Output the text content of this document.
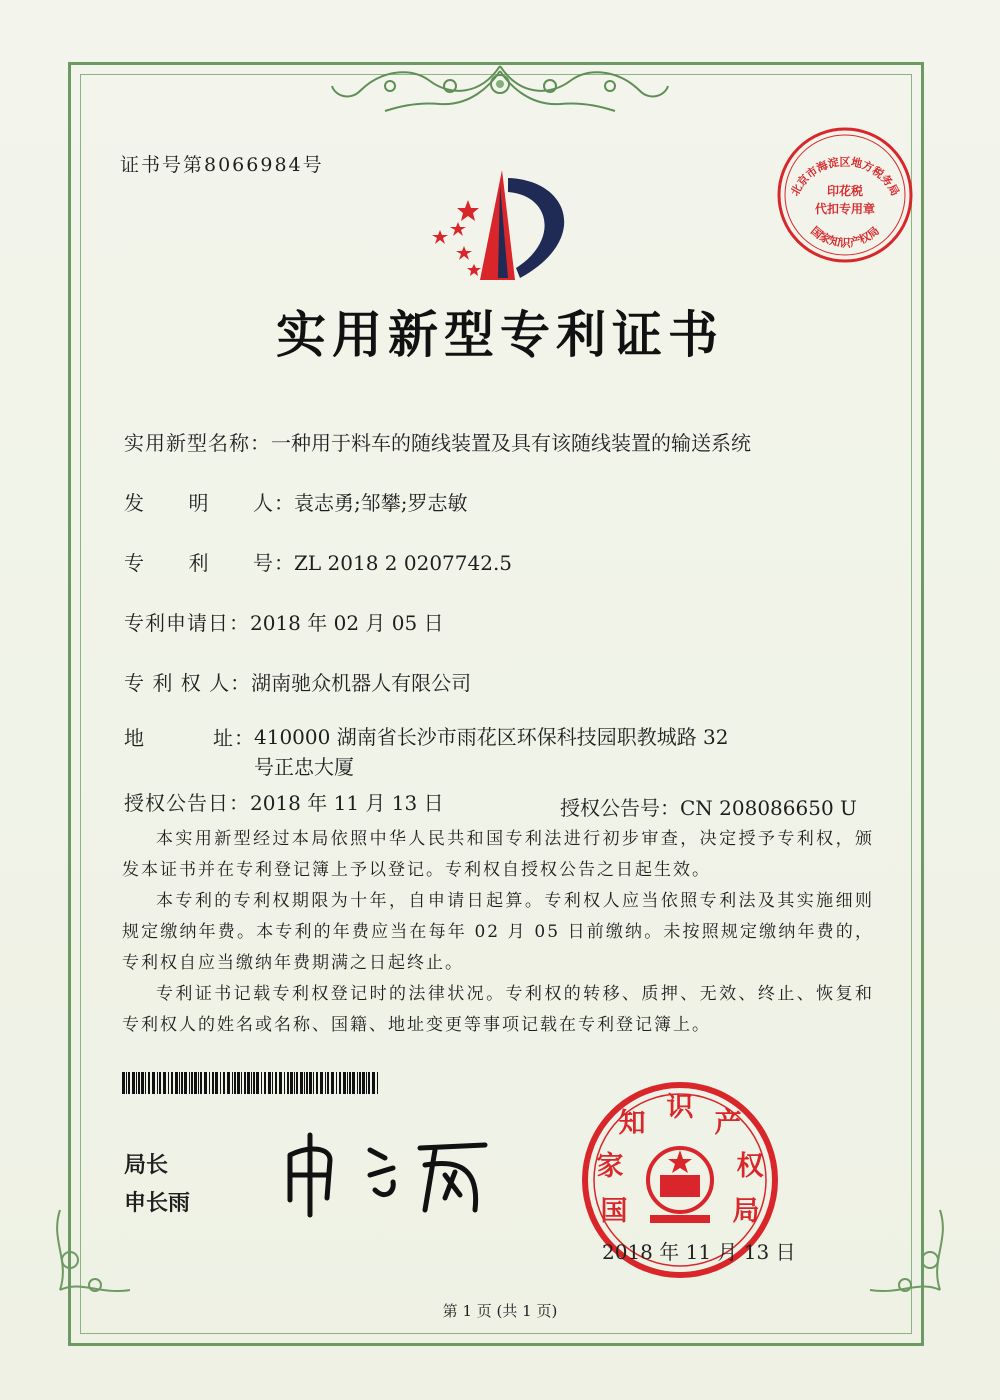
证书号第8066984号
实用新型专利证书
实用新型名称：一种用于料车的随线装置及具有该随线装置的输送系统
发 明 人 ：袁志勇;邹攀;罗志敏
专 利 号 ：ZL 2018 2 0207742.5
专利申请日：2018 年 02 月 05 日
专 利 权 人：湖南驰众机器人有限公司
地	址 ：410000 湖南省长沙市雨花区环保科技园职教城路 32 号正忠大厦
授权公告日：2018 年 11 月 13 日	授权公告号：CN 208086650 U

本实用新型经过本局依照中华人民共和国专利法进行初步审查，决定授予专利权，颁发本证书并在专利登记簿上予以登记。专利权自授权公告之日起生效。

本专利的专利权期限为十年，自申请日起算。专利权人应当依照专利法及其实施细则规定缴纳年费。本专利的年费应当在每年 02 月 05 日前缴纳。未按照规定缴纳年费的，专利权自应当缴纳年费期满之日起终止。

专利证书记载专利权登记时的法律状况。专利权的转移、质押、无效、终止、恢复和专利权人的姓名或名称、国籍、地址变更等事项记载在专利登记簿上。

局长
申长雨	国
家
知
识
产
权
局
2018 年 11 月 13 日
北京市海淀区地方税务局
国家知识产权局
印花税
代扣专用章
第 1 页 (共 1 页)
